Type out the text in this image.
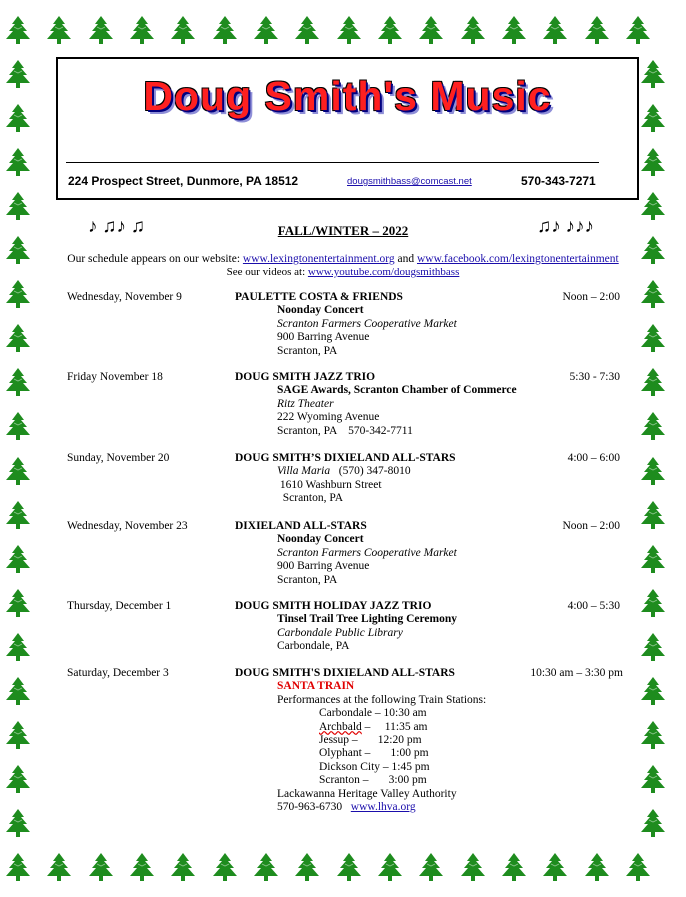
Doug Smith's Music
224 Prospect Street, Dunmore, PA 18512	dougsmithbass@comcast.net	570-343-7271
♪ ♫♪ ♫	♫♪ ♪♪♪
FALL/WINTER – 2022
Our schedule appears on our website: www.lexingtonentertainment.org and www.facebook.com/lexingtonentertainment
See our videos at: www.youtube.com/dougsmithbass
Wednesday, November 9	PAULETTE COSTA & FRIENDS	Noon – 2:00
Noonday Concert
Scranton Farmers Cooperative Market
900 Barring Avenue
Scranton, PA
Friday November 18	DOUG SMITH JAZZ TRIO	5:30 - 7:30
SAGE Awards, Scranton Chamber of Commerce
Ritz Theater
222 Wyoming Avenue
Scranton, PA    570-342-7711
Sunday, November 20	DOUG SMITH’S DIXIELAND ALL-STARS	4:00 – 6:00
Villa Maria   (570) 347-8010
1610 Washburn Street
Scranton, PA
Wednesday, November 23	DIXIELAND ALL-STARS	Noon – 2:00
Noonday Concert
Scranton Farmers Cooperative Market
900 Barring Avenue
Scranton, PA
Thursday, December 1	DOUG SMITH HOLIDAY JAZZ TRIO	4:00 – 5:30
Tinsel Trail Tree Lighting Ceremony
Carbondale Public Library
Carbondale, PA
Saturday, December 3	DOUG SMITH'S DIXIELAND ALL-STARS	10:30 am – 3:30 pm
SANTA TRAIN
Performances at the following Train Stations:
Carbondale – 10:30 am
Archbald –     11:35 am
Jessup –       12:20 pm
Olyphant –       1:00 pm
Dickson City – 1:45 pm
Scranton –       3:00 pm
Lackawanna Heritage Valley Authority
570-963-6730   www.lhva.org
